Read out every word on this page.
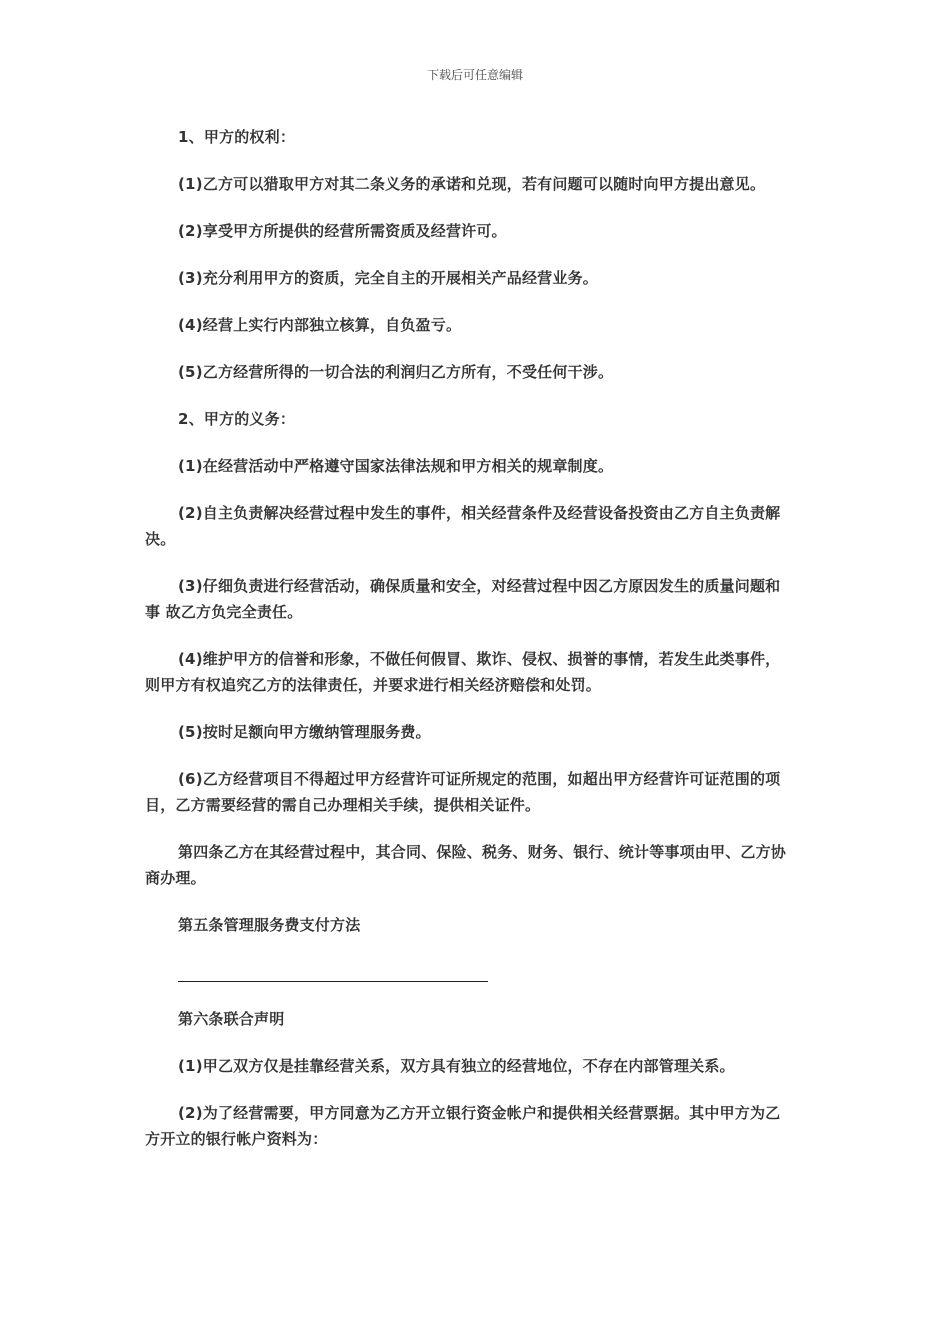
下载后可任意编辑

1、甲方的权利：

(1)乙方可以猎取甲方对其二条义务的承诺和兑现，若有问题可以随时向甲方提出意见。

(2)享受甲方所提供的经营所需资质及经营许可。

(3)充分利用甲方的资质，完全自主的开展相关产品经营业务。

(4)经营上实行内部独立核算，自负盈亏。

(5)乙方经营所得的一切合法的利润归乙方所有，不受任何干涉。

2、甲方的义务：

(1)在经营活动中严格遵守国家法律法规和甲方相关的规章制度。

(2)自主负责解决经营过程中发生的事件，相关经营条件及经营设备投资由乙方自主负责解决。

(3)仔细负责进行经营活动，确保质量和安全，对经营过程中因乙方原因发生的质量问题和事 故乙方负完全责任。

(4)维护甲方的信誉和形象，不做任何假冒、欺诈、侵权、损誉的事情，若发生此类事件，则甲方有权追究乙方的法律责任，并要求进行相关经济赔偿和处罚。

(5)按时足额向甲方缴纳管理服务费。

(6)乙方经营项目不得超过甲方经营许可证所规定的范围，如超出甲方经营许可证范围的项目，乙方需要经营的需自己办理相关手续，提供相关证件。

第四条乙方在其经营过程中，其合同、保险、税务、财务、银行、统计等事项由甲、乙方协商办理。

第五条管理服务费支付方法

第六条联合声明

(1)甲乙双方仅是挂靠经营关系，双方具有独立的经营地位，不存在内部管理关系。

(2)为了经营需要，甲方同意为乙方开立银行资金帐户和提供相关经营票据。其中甲方为乙方开立的银行帐户资料为：
